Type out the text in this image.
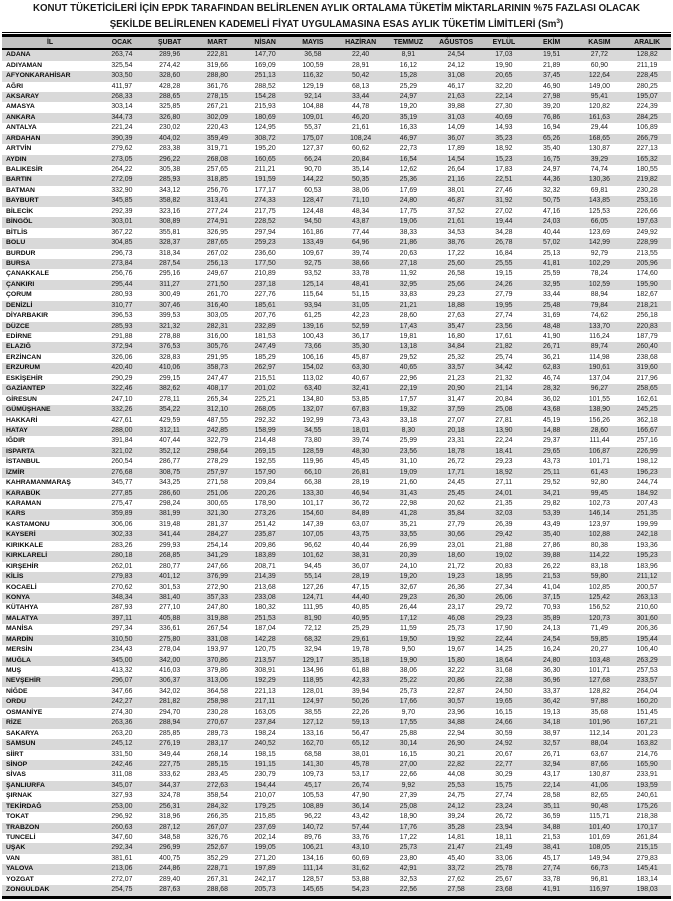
KONUT TÜKETİCİLERİ İÇİN EPDK TARAFINDAN BELİRLENEN AYLIK ORTALAMA TÜKETİM MİKTARLARININ %75 FAZLASI OLACAK
ŞEKİLDE BELİRLENEN KADEMELİ FİYAT UYGULAMASINA ESAS AYLIK TÜKETİM LİMİTLERİ (Sm$^3$)
İL	OCAK	ŞUBAT	MART	NİSAN	MAYIS	HAZİRAN	TEMMUZ	AĞUSTOS	EYLÜL	EKİM	KASIM	ARALIK
ADANA	263,74	289,96	222,81	147,70	36,58	22,40	8,91	24,54	17,03	19,51	27,72	128,82
ADIYAMAN	325,54	274,42	319,66	169,09	100,59	28,91	16,12	24,12	19,90	21,89	60,90	211,19
AFYONKARAHİSAR	303,50	328,60	288,80	251,13	116,32	50,42	15,28	31,08	20,65	37,45	122,64	228,45
AĞRI	411,97	428,28	361,76	288,52	129,19	68,13	25,29	46,17	32,20	46,90	149,00	280,25
AKSARAY	268,33	288,65	278,15	154,28	92,14	33,44	24,97	21,63	22,14	27,98	95,41	195,07
AMASYA	303,14	325,85	267,21	215,93	104,88	44,78	19,20	39,88	27,30	39,20	120,82	224,39
ANKARA	344,73	326,80	302,09	180,69	109,01	46,20	35,19	31,03	40,69	76,86	161,63	284,25
ANTALYA	221,24	230,02	220,43	124,95	55,37	21,61	16,33	14,09	14,93	16,94	29,44	106,89
ARDAHAN	390,39	404,02	359,49	308,72	175,07	108,24	46,97	36,07	35,23	65,26	168,65	266,79
ARTVİN	279,62	283,38	319,71	195,20	127,37	60,62	22,73	17,89	18,92	35,40	130,87	227,13
AYDIN	273,05	296,22	268,08	160,65	66,24	20,84	16,54	14,54	15,23	16,75	39,29	165,32
BALIKESİR	264,22	305,38	257,65	211,21	90,70	35,14	12,62	26,64	17,83	24,97	74,74	180,55
BARTIN	272,09	285,93	318,85	191,59	144,22	50,35	25,36	21,16	22,51	44,36	130,36	219,82
BATMAN	332,90	343,12	256,76	177,17	60,53	38,06	17,69	38,01	27,46	32,32	69,81	230,28
BAYBURT	345,85	358,82	313,41	274,33	128,47	71,10	24,80	46,87	31,92	50,75	143,85	253,16
BİLECİK	292,39	323,16	277,24	217,75	124,48	48,34	17,75	37,52	27,02	47,16	125,53	226,66
BİNGÖL	303,01	308,89	274,91	228,52	94,50	43,87	19,06	21,61	19,44	24,03	66,05	197,63
BİTLİS	367,22	355,81	326,95	297,94	161,86	77,44	38,33	34,53	34,28	40,44	123,69	249,92
BOLU	304,85	328,37	287,65	259,23	133,49	64,96	21,86	38,76	26,78	57,02	142,99	228,99
BURDUR	296,73	318,34	267,02	236,60	109,67	39,74	20,63	17,22	16,84	25,13	92,79	213,55
BURSA	273,84	287,54	256,13	177,50	92,75	38,66	27,18	25,60	25,55	41,81	102,29	205,96
ÇANAKKALE	256,76	295,16	249,67	210,89	93,52	33,78	11,92	26,58	19,15	25,59	78,24	174,60
ÇANKIRI	295,44	311,27	271,50	237,18	125,14	48,41	32,95	25,66	24,26	32,95	102,59	195,90
ÇORUM	280,93	300,49	261,70	227,76	115,64	51,15	33,83	29,23	27,79	33,44	88,94	182,67
DENİZLİ	310,77	307,46	316,40	185,61	93,94	31,05	21,21	18,88	19,95	25,48	79,84	218,21
DİYARBAKIR	396,53	399,53	303,05	207,76	61,25	42,23	28,60	27,63	27,74	31,69	74,62	256,18
DÜZCE	285,93	321,32	282,31	232,89	139,16	52,59	17,43	35,47	23,56	48,48	133,70	220,83
EDİRNE	291,88	278,88	316,00	181,53	100,43	36,17	19,81	16,80	17,61	41,90	116,24	187,79
ELAZIĞ	372,94	376,53	305,76	247,49	73,66	35,30	13,18	34,84	21,82	26,71	89,74	260,40
ERZİNCAN	326,06	328,83	291,95	185,29	106,16	45,87	29,52	25,32	25,74	36,21	114,98	238,68
ERZURUM	420,40	410,06	358,73	262,97	154,02	63,30	40,65	33,57	34,42	62,83	190,61	319,60
ESKİŞEHİR	290,29	299,15	247,47	215,51	113,02	40,67	22,96	21,23	21,32	46,74	137,04	217,96
GAZİANTEP	322,46	382,62	408,17	201,02	63,40	32,41	22,19	20,90	21,14	28,32	96,27	258,65
GİRESUN	247,10	278,11	265,34	225,21	134,80	53,85	17,57	31,47	20,84	36,02	101,55	162,61
GÜMÜŞHANE	332,26	354,22	312,10	268,05	132,07	67,83	19,32	37,59	25,08	43,68	138,90	245,25
HAKKARİ	427,61	429,59	487,55	292,32	192,99	73,43	33,18	27,07	27,81	45,19	156,26	362,18
HATAY	288,00	312,11	242,85	158,99	34,55	18,01	8,30	20,18	13,90	14,88	28,60	166,67
IĞDIR	391,84	407,44	322,79	214,48	73,80	39,74	25,99	23,31	22,24	29,37	111,44	257,16
ISPARTA	321,02	352,12	298,64	269,15	128,59	48,30	23,56	18,78	18,41	29,65	106,87	226,99
İSTANBUL	260,54	286,77	278,29	192,55	119,96	45,45	31,10	26,72	29,23	43,73	101,71	198,12
İZMİR	276,68	308,75	257,97	157,90	66,10	26,81	19,09	17,71	18,92	25,11	61,43	196,23
KAHRAMANMARAŞ	345,77	343,25	271,58	209,84	66,38	28,19	21,60	24,45	27,11	29,52	92,80	244,74
KARABÜK	277,85	286,60	251,06	220,26	133,30	46,94	31,43	25,45	24,01	34,21	99,45	184,92
KARAMAN	275,47	298,24	300,65	178,90	101,17	36,72	22,98	20,62	21,35	29,82	102,73	207,43
KARS	359,89	381,99	321,30	273,26	154,60	84,89	41,28	35,84	32,03	53,39	146,14	251,35
KASTAMONU	306,06	319,48	281,37	251,42	147,39	63,07	35,21	27,79	26,39	43,49	123,97	199,99
KAYSERİ	302,33	341,44	284,27	235,87	107,05	43,75	33,55	30,66	29,42	35,40	102,88	242,18
KIRIKKALE	283,26	299,93	254,14	209,86	96,62	40,44	26,99	23,01	21,88	27,86	80,38	193,36
KIRKLARELİ	280,18	268,85	341,29	183,89	101,62	38,31	20,39	18,60	19,02	39,88	114,22	195,23
KIRŞEHİR	262,01	280,77	247,66	208,71	94,45	36,07	24,10	21,72	20,83	26,22	83,18	183,96
KİLİS	279,83	401,12	376,99	214,39	55,14	28,19	19,20	19,23	18,95	21,53	59,80	211,12
KOCAELİ	270,62	301,53	272,90	213,68	127,26	47,15	32,67	26,36	27,34	41,04	102,85	200,57
KONYA	348,34	381,40	357,33	233,08	124,71	44,40	29,23	26,30	26,06	37,15	125,42	263,13
KÜTAHYA	287,93	277,10	247,80	180,32	111,95	40,85	26,44	23,17	29,72	70,93	156,52	210,60
MALATYA	397,11	405,88	319,88	251,53	81,90	40,95	17,12	46,08	29,23	35,89	120,73	301,60
MANİSA	297,34	336,61	267,54	187,04	72,12	25,29	11,59	25,73	17,90	24,13	71,49	206,36
MARDİN	310,50	275,80	331,08	142,28	68,32	29,61	19,50	19,92	22,44	24,54	59,85	195,44
MERSİN	234,43	278,04	193,97	120,75	32,94	19,78	9,50	19,67	14,25	16,24	20,27	106,40
MUĞLA	345,00	342,00	370,86	213,57	129,17	35,18	19,90	15,80	18,64	24,80	103,48	263,29
MUŞ	413,32	416,03	379,86	308,91	134,96	61,88	38,06	32,22	31,68	36,30	101,71	257,53
NEVŞEHİR	296,07	306,37	313,06	192,29	118,95	42,33	25,22	20,86	22,38	36,96	127,68	233,57
NİĞDE	347,66	342,02	364,58	221,13	128,01	39,94	25,73	22,87	24,50	33,37	128,82	264,04
ORDU	242,27	281,82	258,98	217,11	124,97	50,26	17,66	30,57	19,65	36,42	97,88	160,20
OSMANİYE	274,30	294,70	230,28	163,05	38,55	22,26	9,70	23,96	16,15	19,13	35,68	151,45
RİZE	263,36	288,94	270,67	237,84	127,12	59,13	17,55	34,88	24,66	34,18	101,96	167,21
SAKARYA	263,20	285,85	289,73	198,24	133,16	56,47	25,88	22,94	30,59	38,97	112,14	201,23
SAMSUN	245,12	276,19	283,17	240,52	162,70	65,12	30,14	26,90	24,92	32,57	88,04	163,82
SİİRT	331,50	349,44	268,14	198,15	68,58	38,01	16,15	30,21	20,67	26,71	63,67	214,76
SİNOP	242,46	227,75	285,15	191,15	141,30	45,78	27,00	22,82	22,77	32,94	87,66	165,90
SİVAS	311,08	333,62	283,45	230,79	109,73	53,17	22,66	44,08	30,29	43,17	130,87	233,91
ŞANLIURFA	345,07	344,37	272,63	194,44	45,17	26,74	9,92	25,53	15,75	22,14	41,06	193,59
ŞIRNAK	327,93	324,78	358,54	210,07	105,53	47,90	27,39	24,75	27,74	28,58	82,65	240,61
TEKİRDAĞ	253,00	256,31	284,32	179,25	108,89	36,14	25,08	24,12	23,24	35,11	90,48	175,26
TOKAT	296,92	318,96	266,35	215,85	96,22	43,42	18,90	39,24	26,72	36,59	115,71	218,38
TRABZON	260,63	287,12	267,07	237,69	140,72	57,44	17,76	35,28	23,94	34,88	101,40	170,17
TUNCELİ	347,60	348,58	326,76	202,14	89,76	33,76	17,22	14,81	18,11	21,53	101,69	261,84
UŞAK	292,34	296,99	252,67	199,05	106,21	43,10	25,73	21,47	21,49	38,41	108,05	215,15
VAN	381,61	400,75	352,29	271,20	134,16	60,69	23,80	45,40	33,06	45,17	149,94	279,83
YALOVA	213,06	244,86	228,71	197,89	111,14	31,62	42,91	33,72	25,78	27,74	66,73	145,41
YOZGAT	272,07	289,40	267,31	242,17	128,57	53,88	32,53	27,62	25,67	33,78	96,81	183,14
ZONGULDAK	254,75	287,63	288,68	205,73	145,65	54,23	22,56	27,58	23,68	41,91	116,97	198,03
